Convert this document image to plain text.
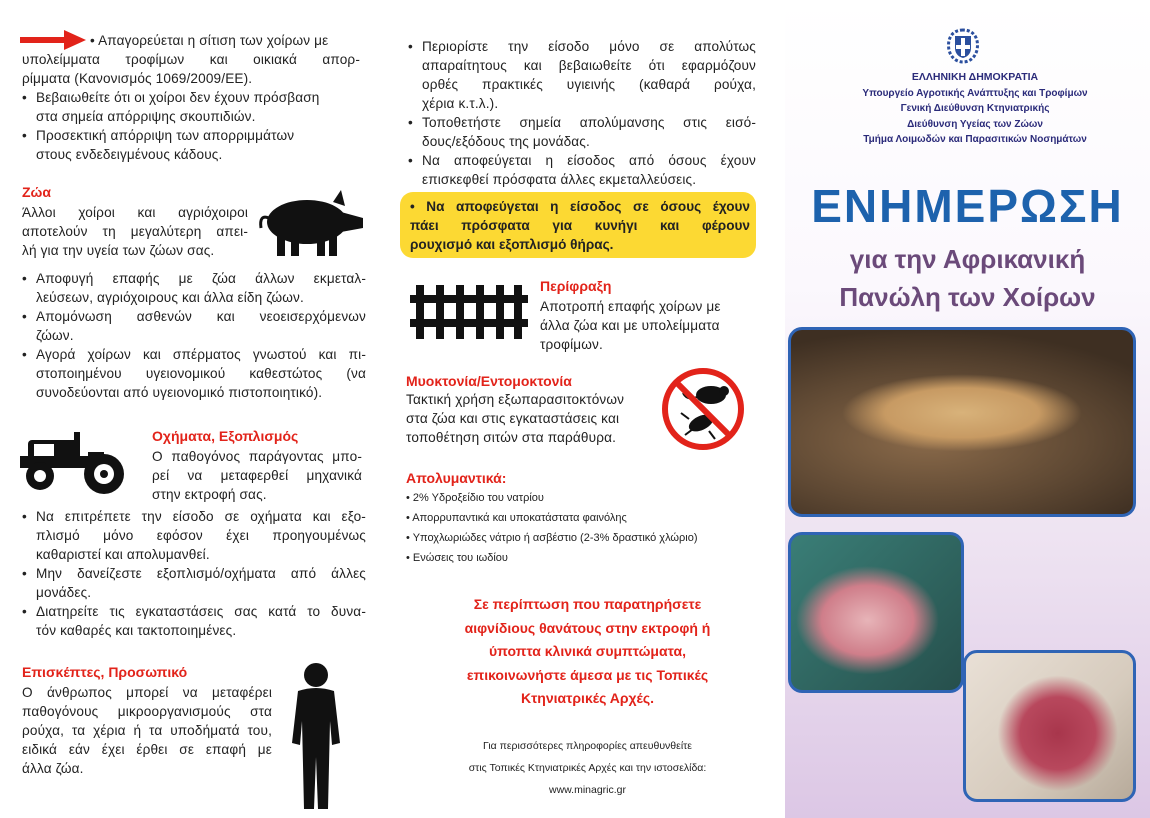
• Απαγορεύεται η σίτιση των χοίρων με
υπολείμματα τροφίμων και οικιακά απορ-
ρίμματα (Κανονισμός 1069/2009/ΕΕ).
• Βεβαιωθείτε ότι οι χοίροι δεν έχουν πρόσβαση
στα σημεία απόρριψης σκουπιδιών.
• Προσεκτική απόρριψη των απορριμμάτων
στους ενδεδειγμένους κάδους.
Ζώα
Άλλοι χοίροι και αγριόχοιροι
αποτελούν τη μεγαλύτερη απει-
λή για την υγεία των ζώων σας.
• Αποφυγή επαφής με ζώα άλλων εκμεταλ-
λεύσεων, αγριόχοιρους και άλλα είδη ζώων.
• Απομόνωση ασθενών και νεοεισερχόμενων
ζώων.
• Αγορά χοίρων και σπέρματος γνωστού και πι-
στοποιημένου υγειονομικού καθεστώτος (να
συνοδεύονται από υγειονομικό πιστοποιητικό).
Οχήματα, Εξοπλισμός
Ο παθογόνος παράγοντας μπο-
ρεί να μεταφερθεί μηχανικά
στην εκτροφή σας.
• Να επιτρέπετε την είσοδο σε οχήματα και εξο-
πλισμό μόνο εφόσον έχει προηγουμένως
καθαριστεί και απολυμανθεί.
• Μην δανείζεστε εξοπλισμό/οχήματα από άλλες
μονάδες.
• Διατηρείτε τις εγκαταστάσεις σας κατά το δυνα-
τόν καθαρές και τακτοποιημένες.
Επισκέπτες, Προσωπικό
Ο άνθρωπος μπορεί να μεταφέρει
παθογόνους μικροοργανισμούς στα
ρούχα, τα χέρια ή τα υποδήματά του,
ειδικά εάν έχει έρθει σε επαφή με
άλλα ζώα.
• Περιορίστε την είσοδο μόνο σε απολύτως
απαραίτητους και βεβαιωθείτε ότι εφαρμόζουν
ορθές πρακτικές υγιεινής (καθαρά ρούχα,
χέρια κ.τ.λ.).
• Τοποθετήστε σημεία απολύμανσης στις εισό-
δους/εξόδους της μονάδας.
• Να αποφεύγεται η είσοδος από όσους έχουν
επισκεφθεί πρόσφατα άλλες εκμεταλλεύσεις.
• Να αποφεύγεται η είσοδος σε όσους έχουν
πάει πρόσφατα για κυνήγι και φέρουν
ρουχισμό και εξοπλισμό θήρας.
Περίφραξη
Αποτροπή επαφής χοίρων με
άλλα ζώα και με υπολείμματα
τροφίμων.
Μυοκτονία/Εντομοκτονία
Τακτική χρήση εξωπαρασιτοκτόνων
στα ζώα και στις εγκαταστάσεις και
τοποθέτηση σιτών στα παράθυρα.
Απολυμαντικά:
• 2% Υδροξείδιο του νατρίου
• Απορρυπαντικά και υποκατάστατα φαινόλης
• Υποχλωριώδες νάτριο ή ασβέστιο (2-3% δραστικό χλώριο)
• Ενώσεις του ιωδίου
Σε περίπτωση που παρατηρήσετε
αιφνίδιους θανάτους στην εκτροφή ή
ύποπτα κλινικά συμπτώματα,
επικοινωνήστε άμεσα με τις Τοπικές
Κτηνιατρικές Αρχές.
Για περισσότερες πληροφορίες απευθυνθείτε
στις Τοπικές Κτηνιατρικές Αρχές και την ιστοσελίδα:
www.minagric.gr
ΕΛΛΗΝΙΚΗ ΔΗΜΟΚΡΑΤΙΑ
Υπουργείο Αγροτικής Ανάπτυξης και Τροφίμων
Γενική Διεύθυνση Κτηνιατρικής
Διεύθυνση Υγείας των Ζώων
Τμήμα Λοιμωδών και Παρασιτικών Νοσημάτων
ΕΝΗΜΕΡΩΣΗ
για την Αφρικανική
Πανώλη των Χοίρων
